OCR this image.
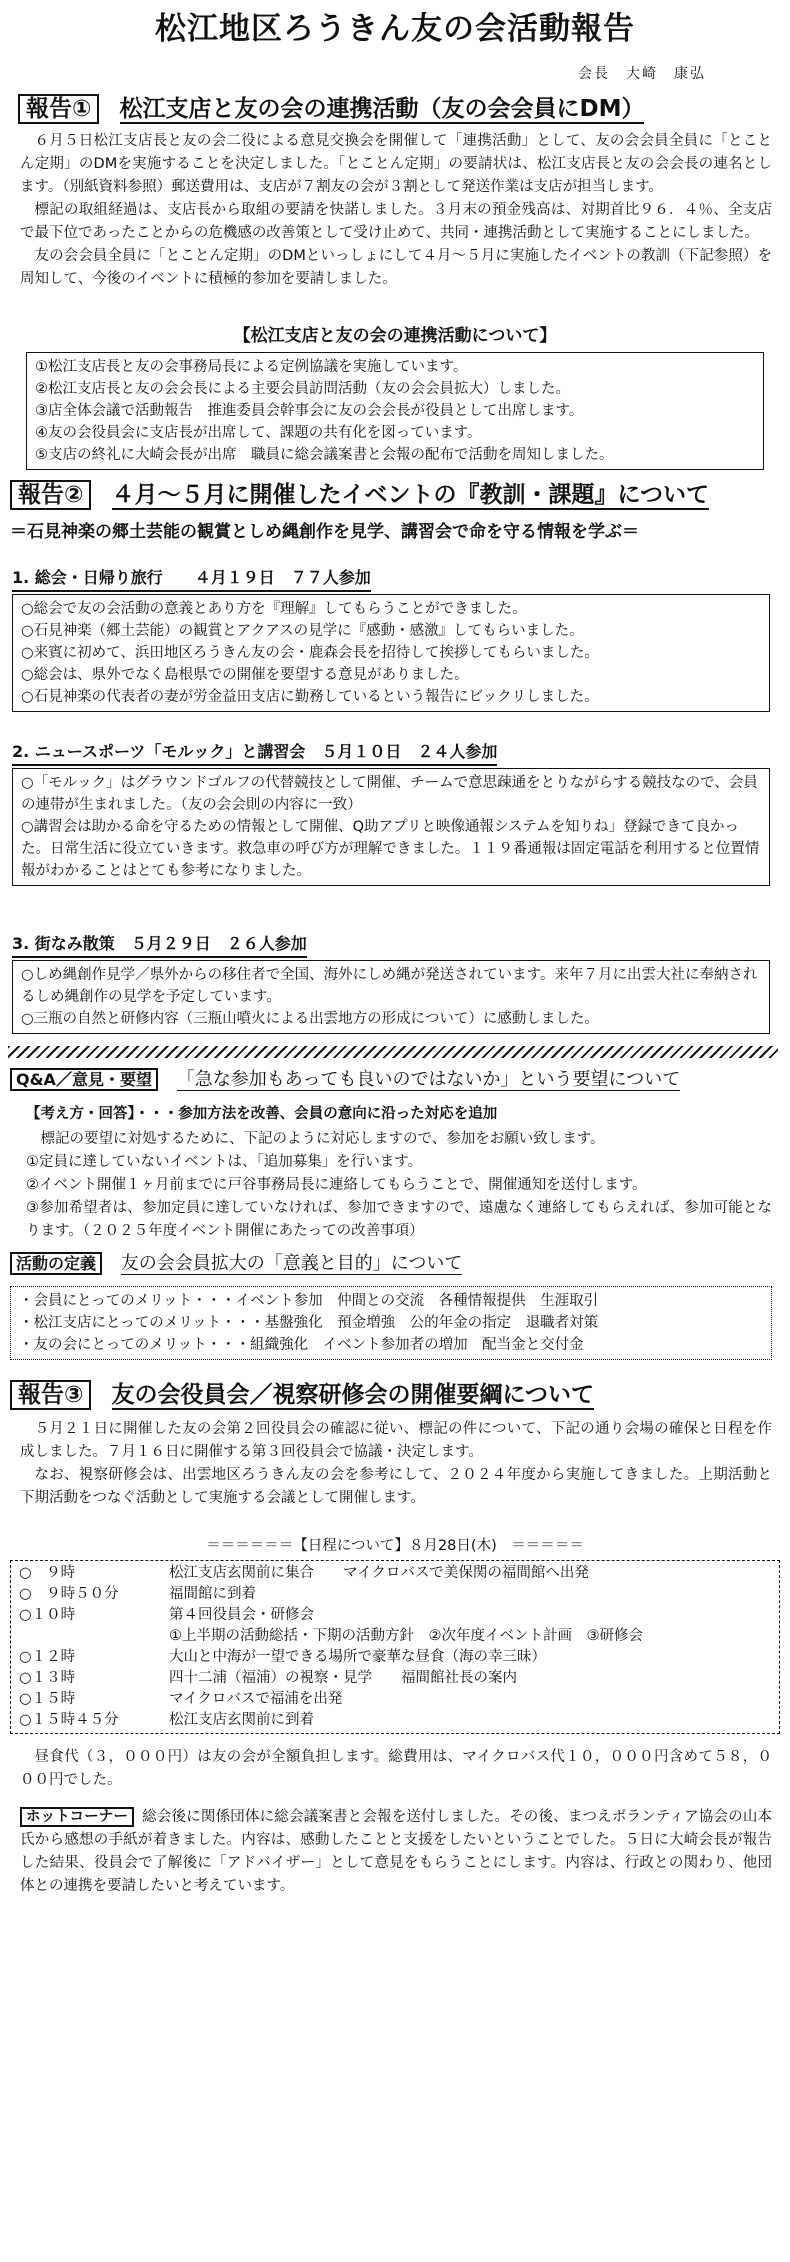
松江地区ろうきん友の会活動報告
会長　大崎　康弘
報告① 松江支店と友の会の連携活動（友の会会員にDM）

６月５日松江支店長と友の会二役による意見交換会を開催して「連携活動」として、友の会会員全員に「とことん定期」のDMを実施することを決定しました。「とことん定期」の要請状は、松江支店長と友の会会長の連名とします。（別紙資料参照）郵送費用は、支店が７割友の会が３割として発送作業は支店が担当します。

標記の取組経過は、支店長から取組の要請を快諾しました。３月末の預金残高は、対期首比９６．４％、全支店で最下位であったことからの危機感の改善策として受け止めて、共同・連携活動として実施することにしました。

友の会会員全員に「とことん定期」のDMといっしょにして４月～５月に実施したイベントの教訓（下記参照）を周知して、今後のイベントに積極的参加を要請しました。

【松江支店と友の会の連携活動について】
①松江支店長と友の会事務局長による定例協議を実施しています。
②松江支店長と友の会会長による主要会員訪問活動（友の会会員拡大）しました。
③店全体会議で活動報告　推進委員会幹事会に友の会会長が役員として出席します。
④友の会役員会に支店長が出席して、課題の共有化を図っています。
⑤支店の終礼に大崎会長が出席　職員に総会議案書と会報の配布で活動を周知しました。
報告② ４月～５月に開催したイベントの『教訓・課題』について
＝石見神楽の郷土芸能の観賞としめ縄創作を見学、講習会で命を守る情報を学ぶ＝
1. 総会・日帰り旅行　　４月１９日　７７人参加
○総会で友の会活動の意義とあり方を『理解』してもらうことができました。
○石見神楽（郷土芸能）の観賞とアクアスの見学に『感動・感激』してもらいました。
○来賓に初めて、浜田地区ろうきん友の会・鹿森会長を招待して挨拶してもらいました。
○総会は、県外でなく島根県での開催を要望する意見がありました。
○石見神楽の代表者の妻が労金益田支店に勤務しているという報告にビックリしました。
2. ニュースポーツ「モルック」と講習会　５月１０日　２４人参加

○「モルック」はグラウンドゴルフの代替競技として開催、チームで意思疎通をとりながらする競技なので、会員の連帯が生まれました。（友の会会則の内容に一致）

○講習会は助かる命を守るための情報として開催、Q助アプリと映像通報システムを知りね」登録できて良かった。日常生活に役立ていきます。救急車の呼び方が理解できました。１１９番通報は固定電話を利用すると位置情報がわかることはとても参考になりました。

3. 街なみ散策　５月２９日　２６人参加

○しめ縄創作見学／県外からの移住者で全国、海外にしめ縄が発送されています。来年７月に出雲大社に奉納されるしめ縄創作の見学を予定しています。

○三瓶の自然と研修内容（三瓶山噴火による出雲地方の形成について）に感動しました。

Q&A／意見・要望 「急な参加もあっても良いのではないか」という要望について
【考え方・回答】・・・参加方法を改善、会員の意向に沿った対応を追加

標記の要望に対処するために、下記のように対応しますので、参加をお願い致します。

①定員に達していないイベントは、「追加募集」を行います。

②イベント開催１ヶ月前までに戸谷事務局長に連絡してもらうことで、開催通知を送付します。

③参加希望者は、参加定員に達していなければ、参加できますので、遠慮なく連絡してもらえれば、参加可能となります。（２０２５年度イベント開催にあたっての改善事項）

活動の定義 友の会会員拡大の「意義と目的」について
・会員にとってのメリット・・・イベント参加　仲間との交流　各種情報提供　生涯取引
・松江支店にとってのメリット・・・基盤強化　預金増強　公的年金の指定　退職者対策
・友の会にとってのメリット・・・組織強化　イベント参加者の増加　配当金と交付金
報告③ 友の会役員会／視察研修会の開催要綱について

５月２１日に開催した友の会第２回役員会の確認に従い、標記の件について、下記の通り会場の確保と日程を作成しました。７月１６日に開催する第３回役員会で協議・決定します。

なお、視察研修会は、出雲地区ろうきん友の会を参考にして、２０２４年度から実施してきました。上期活動と下期活動をつなぐ活動として実施する会議として開催します。

＝＝＝＝＝＝【日程について】８月28日(木)　＝＝＝＝＝
○　９時	松江支店玄関前に集合　　マイクロバスで美保関の福間館へ出発
○　９時５０分	福間館に到着
○１０時	第４回役員会・研修会
①上半期の活動総括・下期の活動方針　②次年度イベント計画　③研修会
○１２時	大山と中海が一望できる場所で豪華な昼食（海の幸三昧）
○１３時	四十二浦（福浦）の視察・見学　　福間館社長の案内
○１５時	マイクロバスで福浦を出発
○１５時４５分	松江支店玄関前に到着

昼食代（３，０００円）は友の会が全額負担します。総費用は、マイクロバス代１０，０００円含めて５８，０００円でした。

ホットコーナー 総会後に関係団体に総会議案書と会報を送付しました。その後、まつえボランティア協会の山本氏から感想の手紙が着きました。内容は、感動したことと支援をしたいということでした。５日に大崎会長が報告した結果、役員会で了解後に「アドバイザー」として意見をもらうことにします。内容は、行政との関わり、他団体との連携を要請したいと考えています。
